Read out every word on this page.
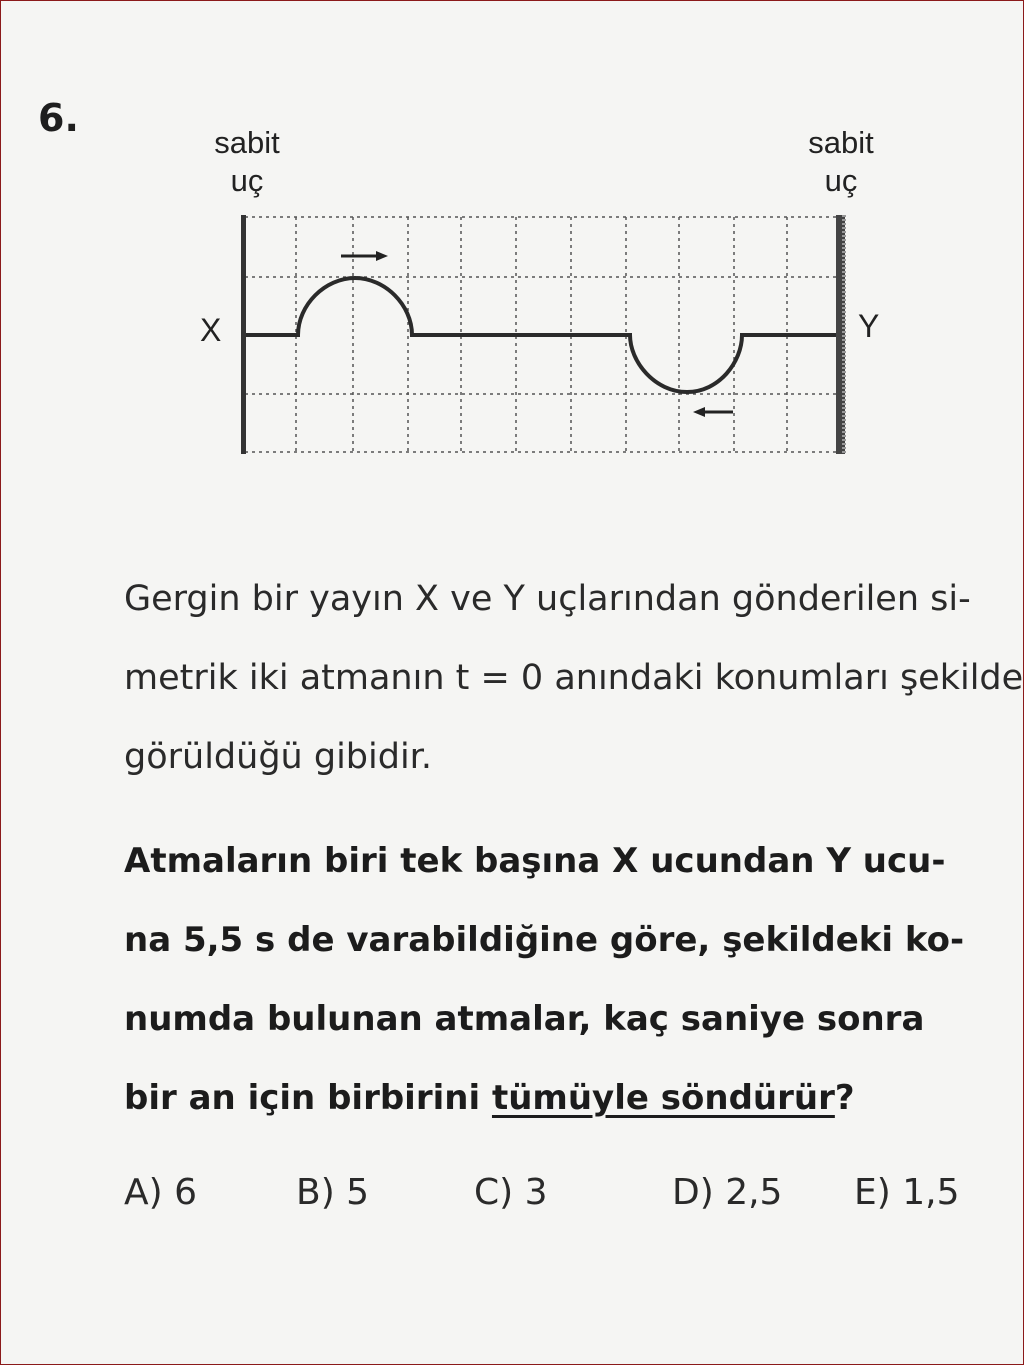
6.
sabit
uç
sabit
uç
X	Y
Gergin bir yayın X ve Y uçlarından gönderilen si-
metrik iki atmanın t = 0 anındaki konumları şekilde
görüldüğü gibidir.
Atmaların biri tek başına X ucundan Y ucu-
na 5,5 s de varabildiğine göre, şekildeki ko-
numda bulunan atmalar, kaç saniye sonra
bir an için birbirini tümüyle söndürür?
A) 6	B) 5	C) 3	D) 2,5 E) 1,5
